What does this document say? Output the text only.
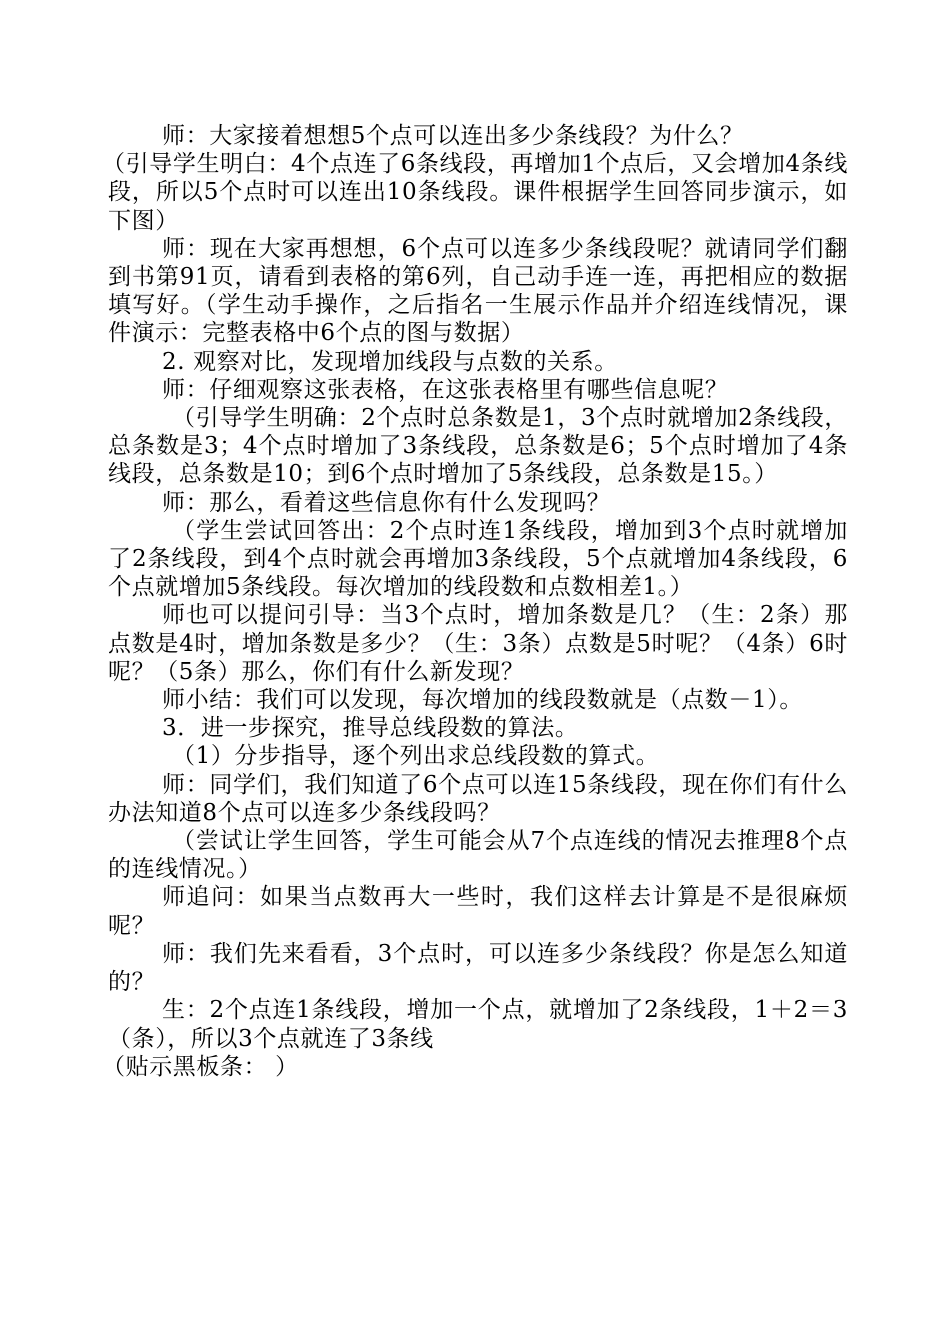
师：大家接着想想5个点可以连出多少条线段？为什么？

（引导学生明白：4个点连了6条线段，再增加1个点后，又会增加4条线段，所以5个点时可以连出10条线段。课件根据学生回答同步演示，如下图）

师：现在大家再想想，6个点可以连多少条线段呢？就请同学们翻到书第91页，请看到表格的第6列，自己动手连一连，再把相应的数据填写好。（学生动手操作，之后指名一生展示作品并介绍连线情况，课件演示：完整表格中6个点的图与数据）

2. 观察对比，发现增加线段与点数的关系。

师：仔细观察这张表格，在这张表格里有哪些信息呢？

（引导学生明确：2个点时总条数是1，3个点时就增加2条线段，总条数是3；4个点时增加了3条线段，总条数是6；5个点时增加了4条线段，总条数是10；到6个点时增加了5条线段，总条数是15。）

师：那么，看着这些信息你有什么发现吗？

（学生尝试回答出：2个点时连1条线段，增加到3个点时就增加了2条线段，到4个点时就会再增加3条线段，5个点就增加4条线段，6个点就增加5条线段。每次增加的线段数和点数相差1。）

师也可以提问引导：当3个点时，增加条数是几？（生：2条）那点数是4时，增加条数是多少？（生：3条）点数是5时呢？（4条）6时呢？（5条）那么，你们有什么新发现？

师小结：我们可以发现，每次增加的线段数就是（点数－1）。

3．进一步探究，推导总线段数的算法。

（1）分步指导，逐个列出求总线段数的算式。

师：同学们，我们知道了6个点可以连15条线段，现在你们有什么办法知道8个点可以连多少条线段吗？

（尝试让学生回答，学生可能会从7个点连线的情况去推理8个点的连线情况。）

师追问：如果当点数再大一些时，我们这样去计算是不是很麻烦呢？

师：我们先来看看，3个点时，可以连多少条线段？你是怎么知道的？

生：2个点连1条线段，增加一个点，就增加了2条线段，1＋2＝3（条），所以3个点就连了3条线

（贴示黑板条： ）
